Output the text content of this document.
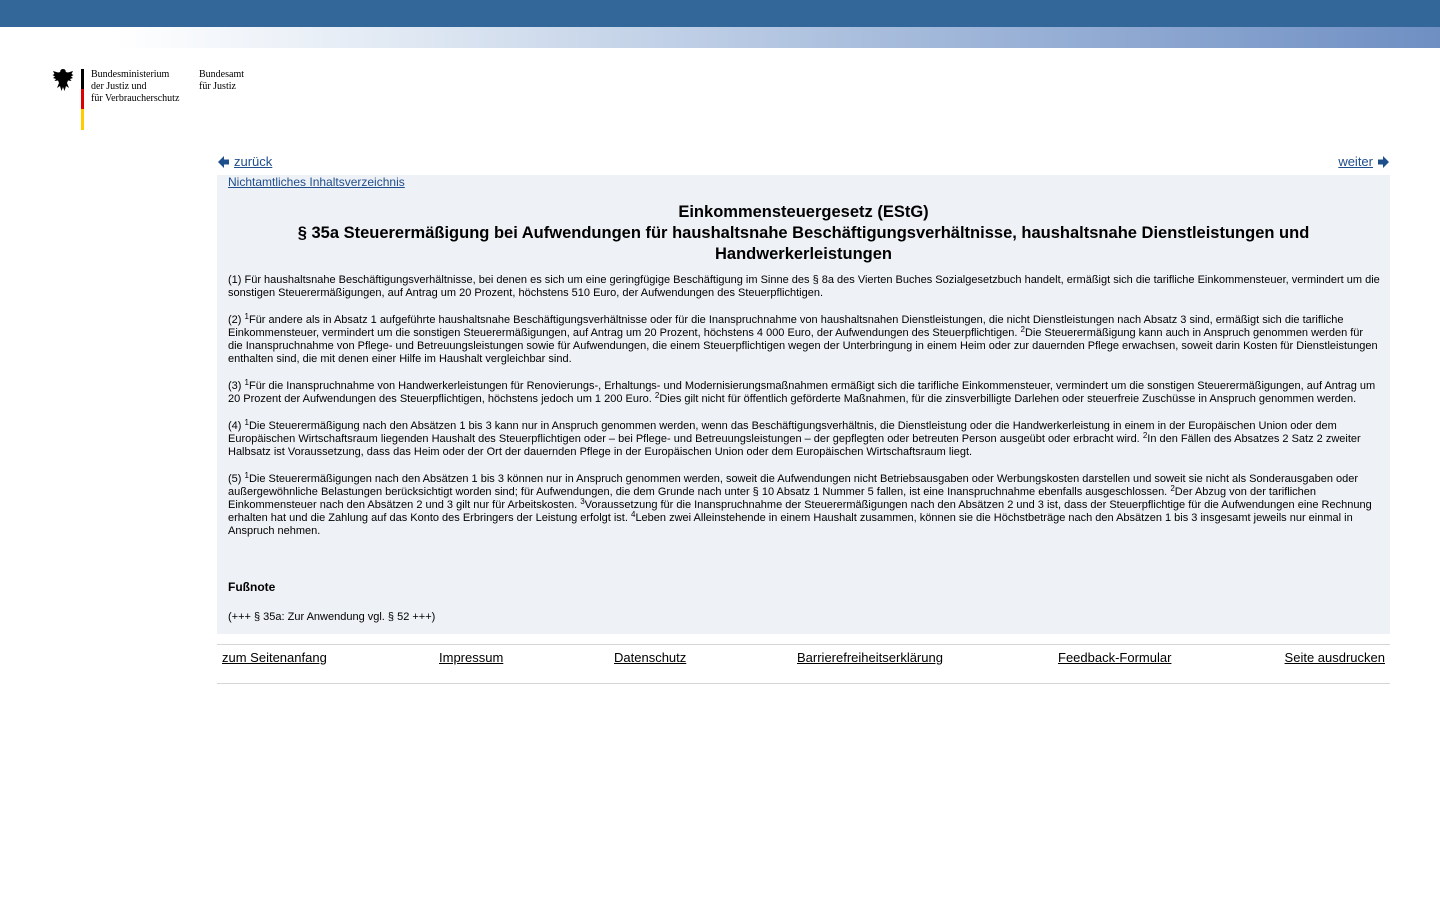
Bundesministerium
der Justiz und
für Verbraucherschutz
Bundesamt
für Justiz
zurück	weiter
Nichtamtliches Inhaltsverzeichnis
Einkommensteuergesetz (EStG)
§ 35a Steuerermäßigung bei Aufwendungen für haushaltsnahe Beschäftigungsverhältnisse, haushaltsnahe Dienstleistungen und
Handwerkerleistungen

(1) Für haushaltsnahe Beschäftigungsverhältnisse, bei denen es sich um eine geringfügige Beschäftigung im Sinne des § 8a des Vierten Buches Sozialgesetzbuch handelt, ermäßigt sich die tarifliche Einkommensteuer, vermindert um die sonstigen Steuerermäßigungen, auf Antrag um 20 Prozent, höchstens 510 Euro, der Aufwendungen des Steuerpflichtigen.

(2) $^1$Für andere als in Absatz 1 aufgeführte haushaltsnahe Beschäftigungsverhältnisse oder für die Inanspruchnahme von haushaltsnahen Dienstleistungen, die nicht Dienstleistungen nach Absatz 3 sind, ermäßigt sich die tarifliche Einkommensteuer, vermindert um die sonstigen Steuerermäßigungen, auf Antrag um 20 Prozent, höchstens 4 000 Euro, der Aufwendungen des Steuerpflichtigen. $^2$Die Steuerermäßigung kann auch in Anspruch genommen werden für die Inanspruchnahme von Pflege- und Betreuungsleistungen sowie für Aufwendungen, die einem Steuerpflichtigen wegen der Unterbringung in einem Heim oder zur dauernden Pflege erwachsen, soweit darin Kosten für Dienstleistungen enthalten sind, die mit denen einer Hilfe im Haushalt vergleichbar sind.

(3) $^1$Für die Inanspruchnahme von Handwerkerleistungen für Renovierungs-, Erhaltungs- und Modernisierungsmaßnahmen ermäßigt sich die tarifliche Einkommensteuer, vermindert um die sonstigen Steuerermäßigungen, auf Antrag um 20 Prozent der Aufwendungen des Steuerpflichtigen, höchstens jedoch um 1 200 Euro. $^2$Dies gilt nicht für öffentlich geförderte Maßnahmen, für die zinsverbilligte Darlehen oder steuerfreie Zuschüsse in Anspruch genommen werden.

(4) $^1$Die Steuerermäßigung nach den Absätzen 1 bis 3 kann nur in Anspruch genommen werden, wenn das Beschäftigungsverhältnis, die Dienstleistung oder die Handwerkerleistung in einem in der Europäischen Union oder dem Europäischen Wirtschaftsraum liegenden Haushalt des Steuerpflichtigen oder – bei Pflege- und Betreuungsleistungen – der gepflegten oder betreuten Person ausgeübt oder erbracht wird. $^2$In den Fällen des Absatzes 2 Satz 2 zweiter Halbsatz ist Voraussetzung, dass das Heim oder der Ort der dauernden Pflege in der Europäischen Union oder dem Europäischen Wirtschaftsraum liegt.

(5) $^1$Die Steuerermäßigungen nach den Absätzen 1 bis 3 können nur in Anspruch genommen werden, soweit die Aufwendungen nicht Betriebsausgaben oder Werbungskosten darstellen und soweit sie nicht als Sonderausgaben oder außergewöhnliche Belastungen berücksichtigt worden sind; für Aufwendungen, die dem Grunde nach unter § 10 Absatz 1 Nummer 5 fallen, ist eine Inanspruchnahme ebenfalls ausgeschlossen. $^2$Der Abzug von der tariflichen Einkommensteuer nach den Absätzen 2 und 3 gilt nur für Arbeitskosten. $^3$Voraussetzung für die Inanspruchnahme der Steuerermäßigungen nach den Absätzen 2 und 3 ist, dass der Steuerpflichtige für die Aufwendungen eine Rechnung erhalten hat und die Zahlung auf das Konto des Erbringers der Leistung erfolgt ist. $^4$Leben zwei Alleinstehende in einem Haushalt zusammen, können sie die Höchstbeträge nach den Absätzen 1 bis 3 insgesamt jeweils nur einmal in Anspruch nehmen.

Fußnote
(+++ § 35a: Zur Anwendung vgl. § 52 +++)
zum Seitenanfang	Impressum	Datenschutz	Barrierefreiheitserklärung	Feedback-Formular	Seite ausdrucken
